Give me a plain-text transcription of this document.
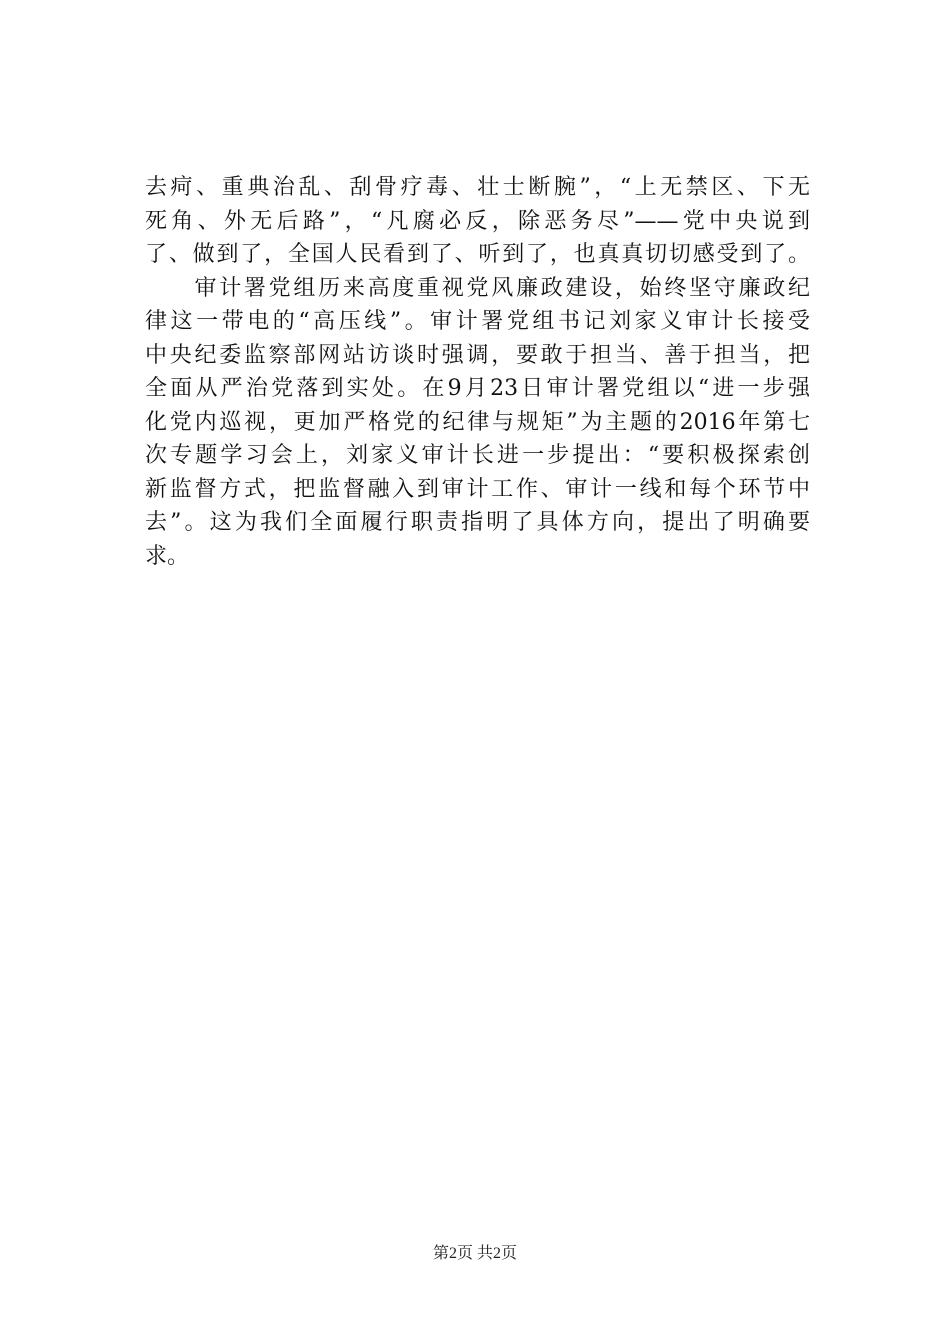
去疴、重典治乱、刮骨疗毒、壮士断腕”，“上无禁区、下无
死角、外无后路”，“凡腐必反，除恶务尽”——党中央说到
了、做到了，全国人民看到了、听到了，也真真切切感受到了。
　　审计署党组历来高度重视党风廉政建设，始终坚守廉政纪
律这一带电的“高压线”。审计署党组书记刘家义审计长接受
中央纪委监察部网站访谈时强调，要敢于担当、善于担当，把
全面从严治党落到实处。在9月23日审计署党组以“进一步强
化党内巡视，更加严格党的纪律与规矩”为主题的2016年第七
次专题学习会上，刘家义审计长进一步提出：“要积极探索创
新监督方式，把监督融入到审计工作、审计一线和每个环节中
去”。这为我们全面履行职责指明了具体方向，提出了明确要
求。
第2页 共2页
